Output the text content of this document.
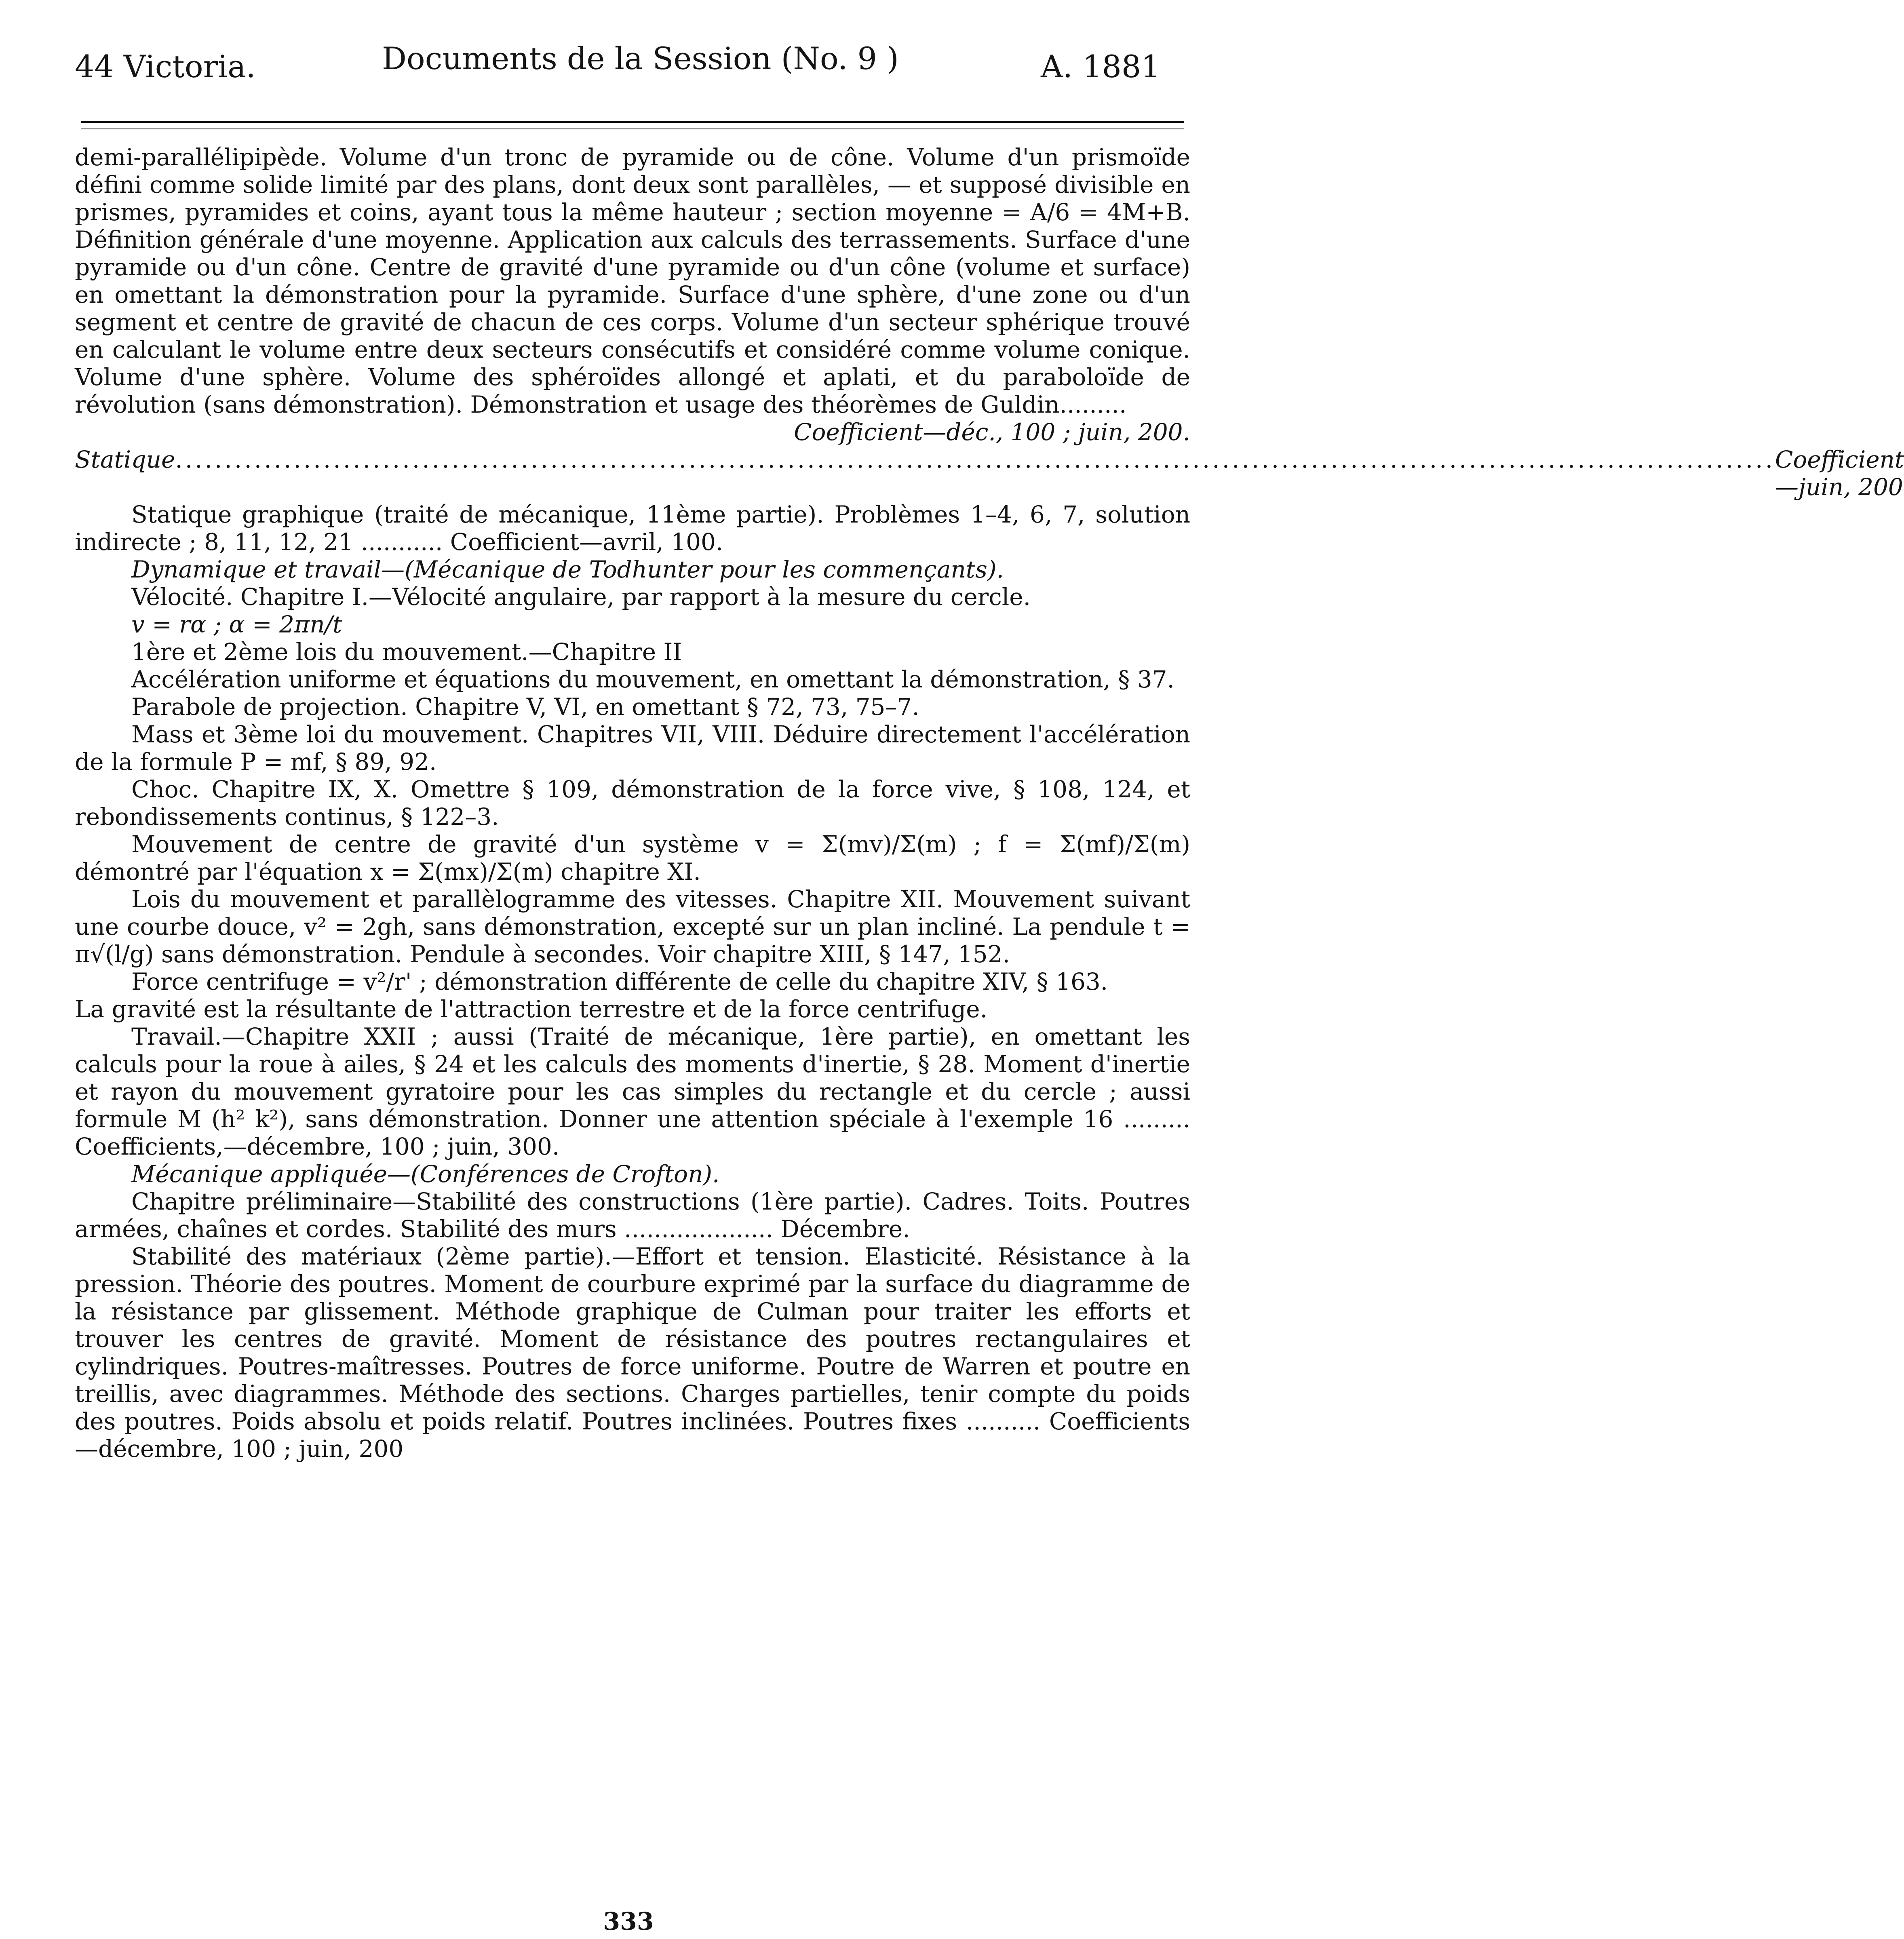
44 Victoria.	Documents de la Session (No. 9 )	A. 1881

demi-parallélipipède. Volume d'un tronc de pyramide ou de cône. Volume d'un prismoïde défini comme solide limité par des plans, dont deux sont parallèles, — et supposé divisible en prismes, pyramides et coins, ayant tous la même hauteur ; section moyenne = A/6 = 4M+B. Définition générale d'une moyenne. Application aux calculs des terrassements. Surface d'une pyramide ou d'un cône. Centre de gravité d'une pyramide ou d'un cône (volume et surface) en omettant la démonstration pour la pyramide. Surface d'une sphère, d'une zone ou d'un segment et centre de gravité de chacun de ces corps. Volume d'un secteur sphérique trouvé en calculant le volume entre deux secteurs consécutifs et considéré comme volume conique. Volume d'une sphère. Volume des sphéroïdes allongé et aplati, et du paraboloïde de révolution (sans démonstration). Démonstration et usage des théorèmes de Guldin.........

Coefficient—déc., 100 ; juin, 200.

Statique .................................................................................................................................................................. Coefficient—juin, 200

Statique graphique (traité de mécanique, 11ème partie). Problèmes 1–4, 6, 7, solution indirecte ; 8, 11, 12, 21 ........... Coefficient—avril, 100.

Dynamique et travail—(Mécanique de Todhunter pour les commençants).

Vélocité. Chapitre I.—Vélocité angulaire, par rapport à la mesure du cercle.

v = rα ; α = 2πn/t

1ère et 2ème lois du mouvement.—Chapitre II

Accélération uniforme et équations du mouvement, en omettant la démonstration, § 37.

Parabole de projection. Chapitre V, VI, en omettant § 72, 73, 75–7.

Mass et 3ème loi du mouvement. Chapitres VII, VIII. Déduire directement l'accélération de la formule P = mf, § 89, 92.

Choc. Chapitre IX, X. Omettre § 109, démonstration de la force vive, § 108, 124, et rebondissements continus, § 122–3.

Mouvement de centre de gravité d'un système v = Σ(mv)/Σ(m) ; f = Σ(mf)/Σ(m) démontré par l'équation x = Σ(mx)/Σ(m) chapitre XI.

Lois du mouvement et parallèlogramme des vitesses. Chapitre XII. Mouvement suivant une courbe douce, v² = 2gh, sans démonstration, excepté sur un plan incliné. La pendule t = π√(l/g) sans démonstration. Pendule à secondes. Voir chapitre XIII, § 147, 152.

Force centrifuge = v²/r' ; démonstration différente de celle du chapitre XIV, § 163.

La gravité est la résultante de l'attraction terrestre et de la force centrifuge.

Travail.—Chapitre XXII ; aussi (Traité de mécanique, 1ère partie), en omettant les calculs pour la roue à ailes, § 24 et les calculs des moments d'inertie, § 28. Moment d'inertie et rayon du mouvement gyratoire pour les cas simples du rectangle et du cercle ; aussi formule M (h² k²), sans démonstration. Donner une attention spéciale à l'exemple 16 ......... Coefficients,—décembre, 100 ; juin, 300.

Mécanique appliquée—(Conférences de Crofton).

Chapitre préliminaire—Stabilité des constructions (1ère partie). Cadres. Toits. Poutres armées, chaînes et cordes. Stabilité des murs .................... Décembre.

Stabilité des matériaux (2ème partie).—Effort et tension. Elasticité. Résistance à la pression. Théorie des poutres. Moment de courbure exprimé par la surface du diagramme de la résistance par glissement. Méthode graphique de Culman pour traiter les efforts et trouver les centres de gravité. Moment de résistance des poutres rectangulaires et cylindriques. Poutres-maîtresses. Poutres de force uniforme. Poutre de Warren et poutre en treillis, avec diagrammes. Méthode des sections. Charges partielles, tenir compte du poids des poutres. Poids absolu et poids relatif. Poutres inclinées. Poutres fixes .......... Coefficients—décembre, 100 ; juin, 200

333
